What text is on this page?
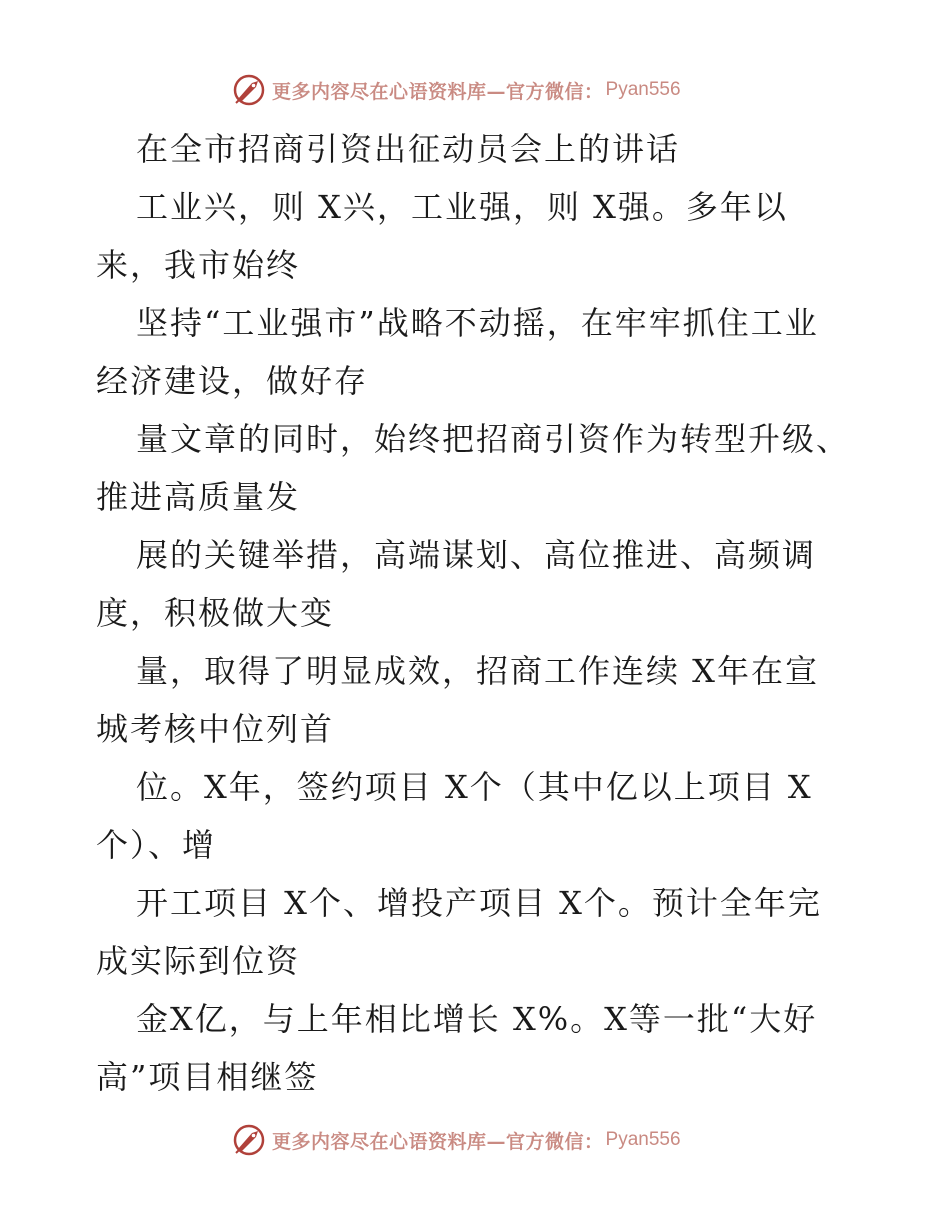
更多内容尽在心语资料库—官方微信： Pyan556
在全市招商引资出征动员会上的讲话
工业兴，则 X兴，工业强，则 X强。多年以
来，我市始终
坚持“工业强市”战略不动摇，在牢牢抓住工业
经济建设，做好存
量文章的同时，始终把招商引资作为转型升级、
推进高质量发
展的关键举措，高端谋划、高位推进、高频调
度，积极做大变
量，取得了明显成效，招商工作连续 X年在宣
城考核中位列首
位。X年，签约项目 X个（其中亿以上项目 X
个）、增
开工项目 X个、增投产项目 X个。预计全年完
成实际到位资
金X亿，与上年相比增长 X%。X等一批“大好
高”项目相继签
更多内容尽在心语资料库—官方微信： Pyan556
